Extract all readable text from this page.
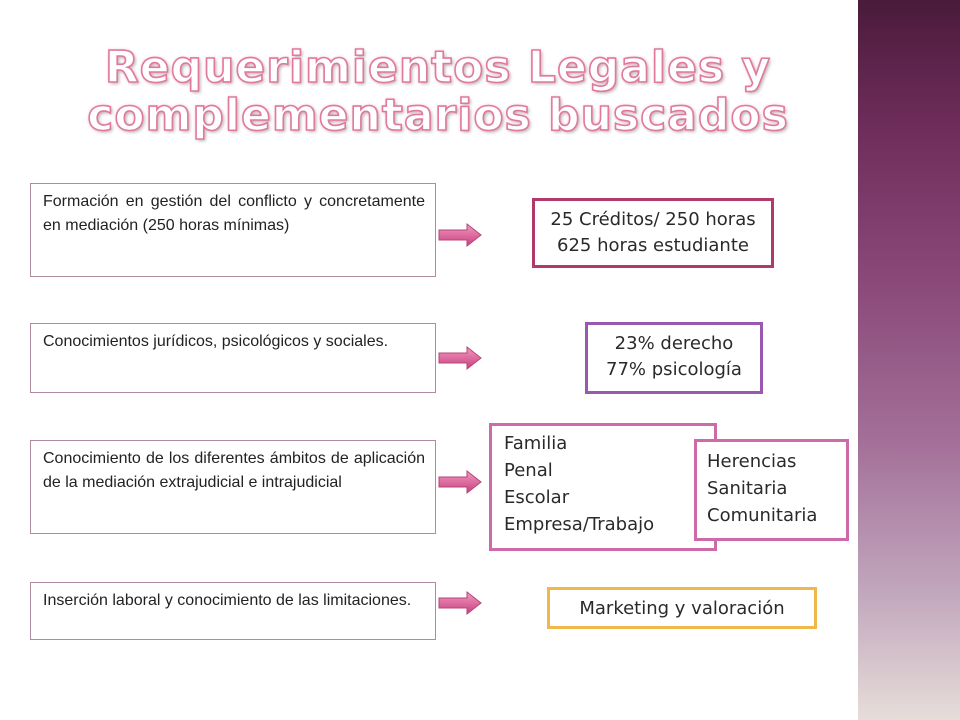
Requerimientos Legales y
complementarios buscados
Formación en gestión del conflicto y concretamente en mediación (250 horas mínimas)	25 Créditos/ 250 horas
625 horas estudiante
Conocimientos jurídicos, psicológicos y sociales.	23% derecho
77% psicología
Conocimiento de los diferentes ámbitos de aplicación de la mediación extrajudicial e intrajudicial
Familia
Penal
Escolar
Empresa/Trabajo
Herencias
Sanitaria
Comunitaria
Inserción laboral y conocimiento de las limitaciones.	Marketing y valoración
